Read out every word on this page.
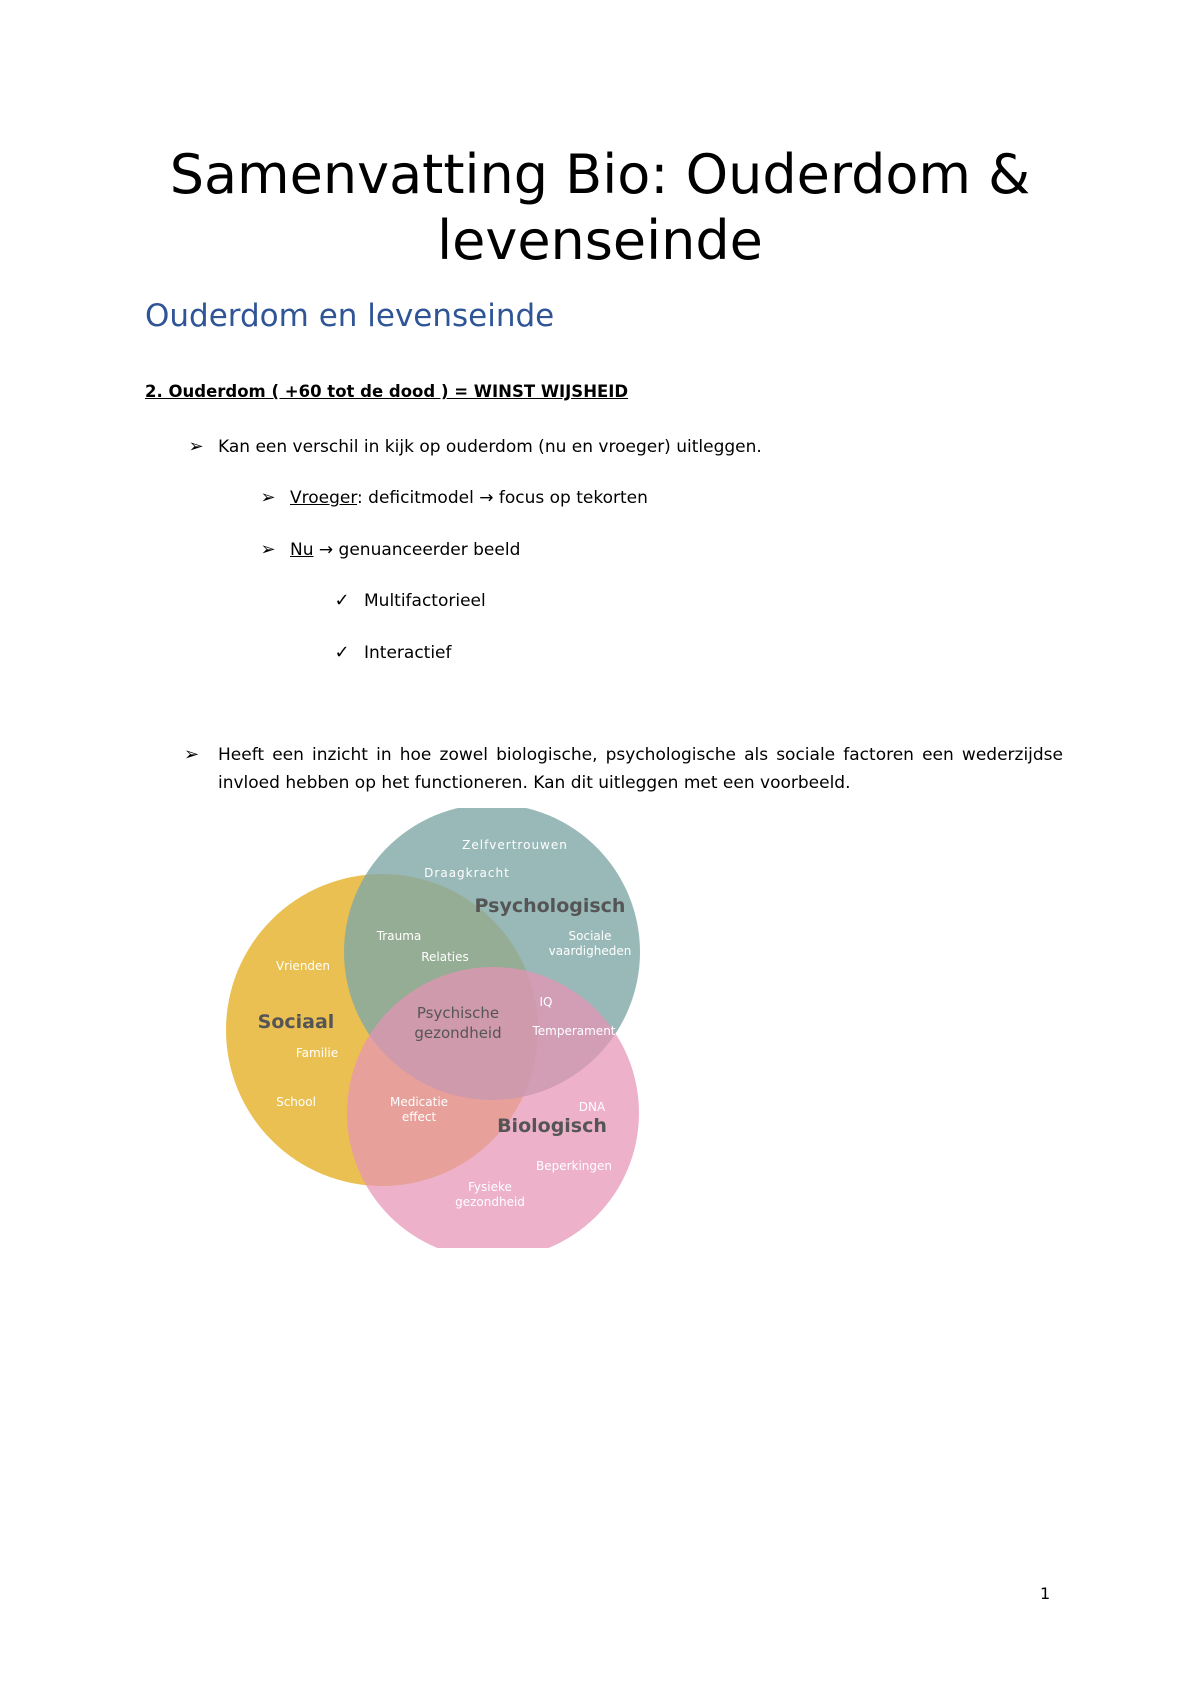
Samenvatting Bio: Ouderdom & levenseinde
Ouderdom en levenseinde

2. Ouderdom ( +60 tot de dood ) = WINST WIJSHEID

➢ Kan een verschil in kijk op ouderdom (nu en vroeger) uitleggen.
➢ Vroeger: deficitmodel → focus op tekorten
➢ Nu → genuanceerder beeld
✓ Multifactorieel
✓ Interactief
➢	Heeft een inzicht in hoe zowel biologische, psychologische als sociale factoren een wederzijdse invloed hebben op het functioneren. Kan dit uitleggen met een voorbeeld.
Zelfvertrouwen
Draagkracht
Sociale
vaardigheden
Vrienden
Familie
School	DNA
Beperkingen
Fysieke
gezondheid
Trauma
Relaties
IQ
Temperament
Medicatie
effect
Psychologisch
Sociaal
Biologisch
Psychische
gezondheid
1
